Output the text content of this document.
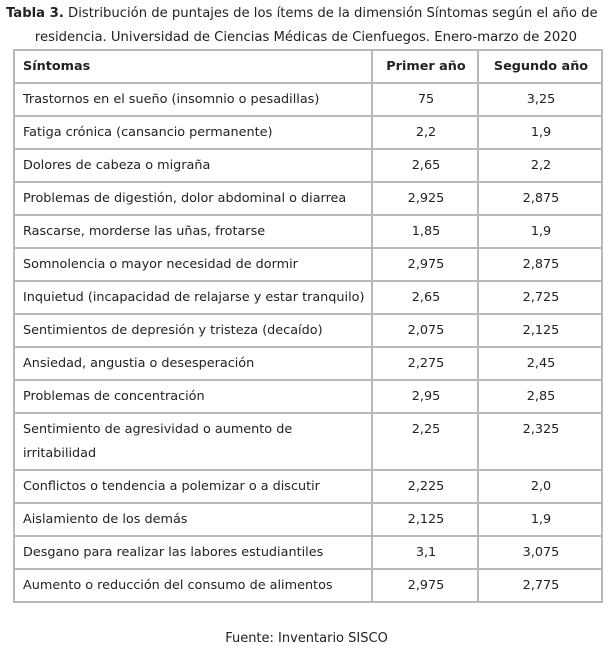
Tabla 3. Distribución de puntajes de los ítems de la dimensión Síntomas según el año de
residencia. Universidad de Ciencias Médicas de Cienfuegos. Enero-marzo de 2020
Síntomas	Primer año	Segundo año
Trastornos en el sueño (insomnio o pesadillas)	75	3,25
Fatiga crónica (cansancio permanente)	2,2	1,9
Dolores de cabeza o migraña	2,65	2,2
Problemas de digestión, dolor abdominal o diarrea	2,925	2,875
Rascarse, morderse las uñas, frotarse	1,85	1,9
Somnolencia o mayor necesidad de dormir	2,975	2,875
Inquietud (incapacidad de relajarse y estar tranquilo)	2,65	2,725
Sentimientos de depresión y tristeza (decaído)	2,075	2,125
Ansiedad, angustia o desesperación	2,275	2,45
Problemas de concentración	2,95	2,85
Sentimiento de agresividad o aumento de irritabilidad	2,25	2,325
Conflictos o tendencia a polemizar o a discutir	2,225	2,0
Aislamiento de los demás	2,125	1,9
Desgano para realizar las labores estudiantiles	3,1	3,075
Aumento o reducción del consumo de alimentos	2,975	2,775
Fuente: Inventario SISCO
